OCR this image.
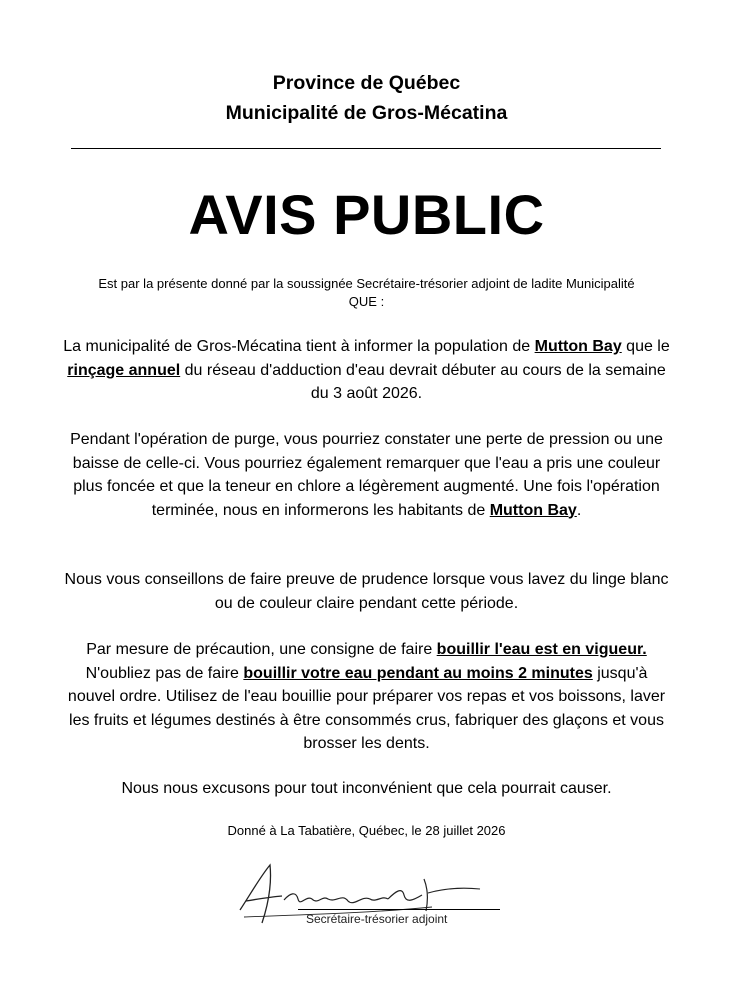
Province de Québec
Municipalité de Gros-Mécatina
AVIS PUBLIC
Est par la présente donné par la soussignée Secrétaire-trésorier adjoint de ladite Municipalité QUE :
La municipalité de Gros-Mécatina tient à informer la population de Mutton Bay que le rinçage annuel du réseau d'adduction d'eau devrait débuter au cours de la semaine du 3 août 2026.
Pendant l'opération de purge, vous pourriez constater une perte de pression ou une baisse de celle-ci. Vous pourriez également remarquer que l'eau a pris une couleur plus foncée et que la teneur en chlore a légèrement augmenté. Une fois l'opération terminée, nous en informerons les habitants de Mutton Bay.
Nous vous conseillons de faire preuve de prudence lorsque vous lavez du linge blanc ou de couleur claire pendant cette période.
Par mesure de précaution, une consigne de faire bouillir l'eau est en vigueur. N'oubliez pas de faire bouillir votre eau pendant au moins 2 minutes jusqu'à nouvel ordre. Utilisez de l'eau bouillie pour préparer vos repas et vos boissons, laver les fruits et légumes destinés à être consommés crus, fabriquer des glaçons et vous brosser les dents.
Nous nous excusons pour tout inconvénient que cela pourrait causer.
Donné à La Tabatière, Québec, le 28 juillet 2026
Secrétaire-trésorier adjoint
